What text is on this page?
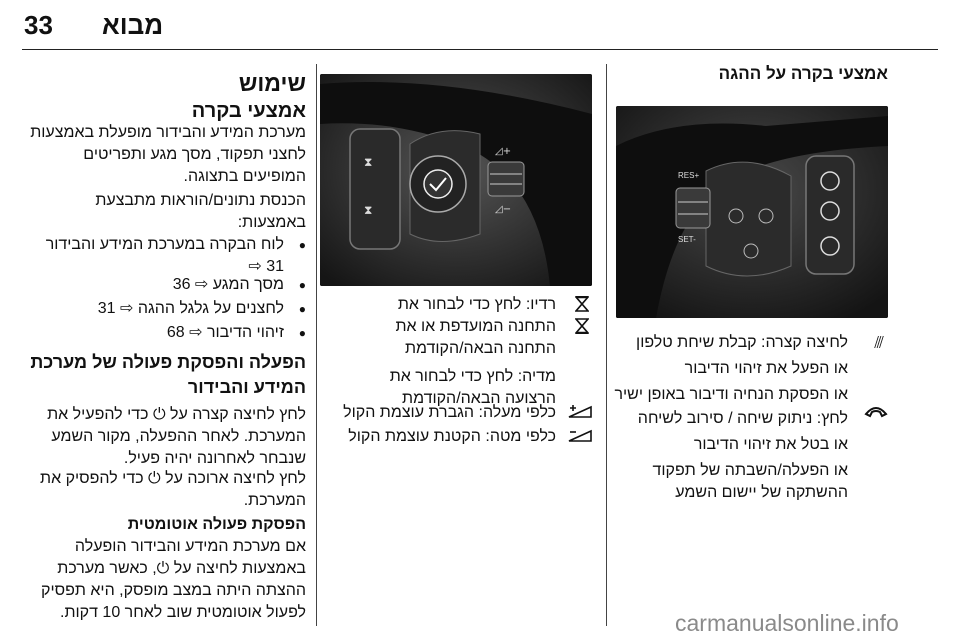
33 מבוא
אמצעי בקרה על ההגה
RES+
SET-
⫻
לחיצה קצרה: קבלת שיחת טלפון
או הפעל את זיהוי הדיבור
או הפסקת הנחיה ודיבור באופן ישיר
לחץ: ניתוק שיחה / סירוב לשיחה
או בטל את זיהוי הדיבור
או הפעלה/השבתה של תפקוד
ההשתקה של יישום השמע
⧗
⧗
◿+
◿−
רדיו: לחץ כדי לבחור את
התחנה המועדפת או את
התחנה הבאה/הקודמת
מדיה: לחץ כדי לבחור את
הרצועה הבאה/הקודמת
כלפי מעלה: הגברת עוצמת הקול
כלפי מטה: הקטנת עוצמת הקול
שימוש
אמצעי בקרה
מערכת המידע והבידור מופעלת באמצעות
לחצני תפקוד, מסך מגע ותפריטים
המופיעים בתצוגה.
הכנסת נתונים/הוראות מתבצעת
באמצעות:
לוח הבקרה במערכת המידע והבידור
31 ⇨
●
מסך המגע ⇨ 36 ●
לחצנים על גלגל ההגה ⇨ 31 ●
זיהוי הדיבור ⇨ 68 ●
הפעלה והפסקת פעולה של מערכת
המידע והבידור
לחץ לחיצה קצרה על ⏻ כדי להפעיל את
המערכת. לאחר ההפעלה, מקור השמע
שנבחר לאחרונה יהיה פעיל.
לחץ לחיצה ארוכה על ⏻ כדי להפסיק את
המערכת.
הפסקת פעולה אוטומטית
אם מערכת המידע והבידור הופעלה
באמצעות לחיצה על ⏻, כאשר מערכת
ההצתה היתה במצב מופסק, היא תפסיק
לפעול אוטומטית שוב לאחר 10 דקות.	carmanualsonline.info
